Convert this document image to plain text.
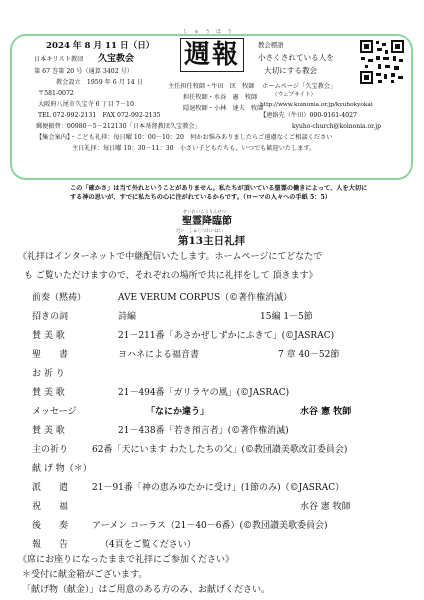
2024 年 8 月 11 日（日）
日本キリスト教団 久宝教会
第 67 巻第 20 号（通算 3402 号）
教会設立　1959 年 6 月 14 日
〒581-0072
大阪府八尾市久宝寺 6 丁目 7－10
TEL 072-992-2131　FAX 072-992-2135
郵便振替：00980－5－212130「日本基督教団久宝教会」
しゅうほう
週報
主任担任牧師・牛田　匡　牧師
担任牧師・水谷　憲　牧師
隠退牧師・小林　達夫　牧師
教会標語
小さくされている人を
大切にする教会
ホームページ「久宝教会」
（ウェブサイト）
http://www.koinonia.or.jp/kyuhokyokai
【連絡先（牛田）090-9161-4027
kyuho-church@koinonia.or.jp
【集会案内】・こども礼拝：毎日曜 10：00－10：20　何かお悩みありましたらご遠慮なくご相談ください
主日礼拝：毎日曜 10：30－11：30　小さい子どもたちも、いつでも歓迎いたします。
この「確かさ」は当て外れということがありません。私たちが頂いている聖霊の働きによって、人を大切にする神の思いが、すでに私たちの心に注がれているからです。（ローマの人々への手紙 5：5）
せいれいこうりんせつ
聖霊降臨節
だい　しゅじつれいはい
第13主日礼拝
《礼拝はインターネットで中継配信いたします。ホームページにてどなたで
も ご覧いただけますので、それぞれの場所で共に礼拝をして 頂きます》
前奏（黙祷）	AVE VERUM CORPUS（©著作権消滅）
招きの詞	詩編	15編 1－5節
賛 美 歌	21－211番「あさかぜしずかにふきて」(©JASRAC)
聖　　書	ヨハネによる福音書	7 章 40－52節
お 祈 り
賛 美 歌	21－494番「ガリラヤの風」(©JASRAC)
メッセージ	「なにか違う」	水谷 憲 牧師
賛 美 歌	21－438番「若き預言者」(©著作権消滅)
主の祈り	62番「天にいます わたしたちの父」(©教団讃美歌改訂委員会)
献 げ 物（＊）
派　　遣	21－91番「神の恵みゆたかに受け」(1節のみ)（©JASRAC）
祝　　福	水谷 憲 牧師
後　　奏	アーメン コーラス（21－40－6番）(©教団讃美歌委員会)
報　　告	（4頁をご覧ください）
《席にお座りになったままで礼拝にご参加ください》
＊受付に献金箱がございます。
「献げ物（献金）」はご用意のある方のみ、お献げください。
